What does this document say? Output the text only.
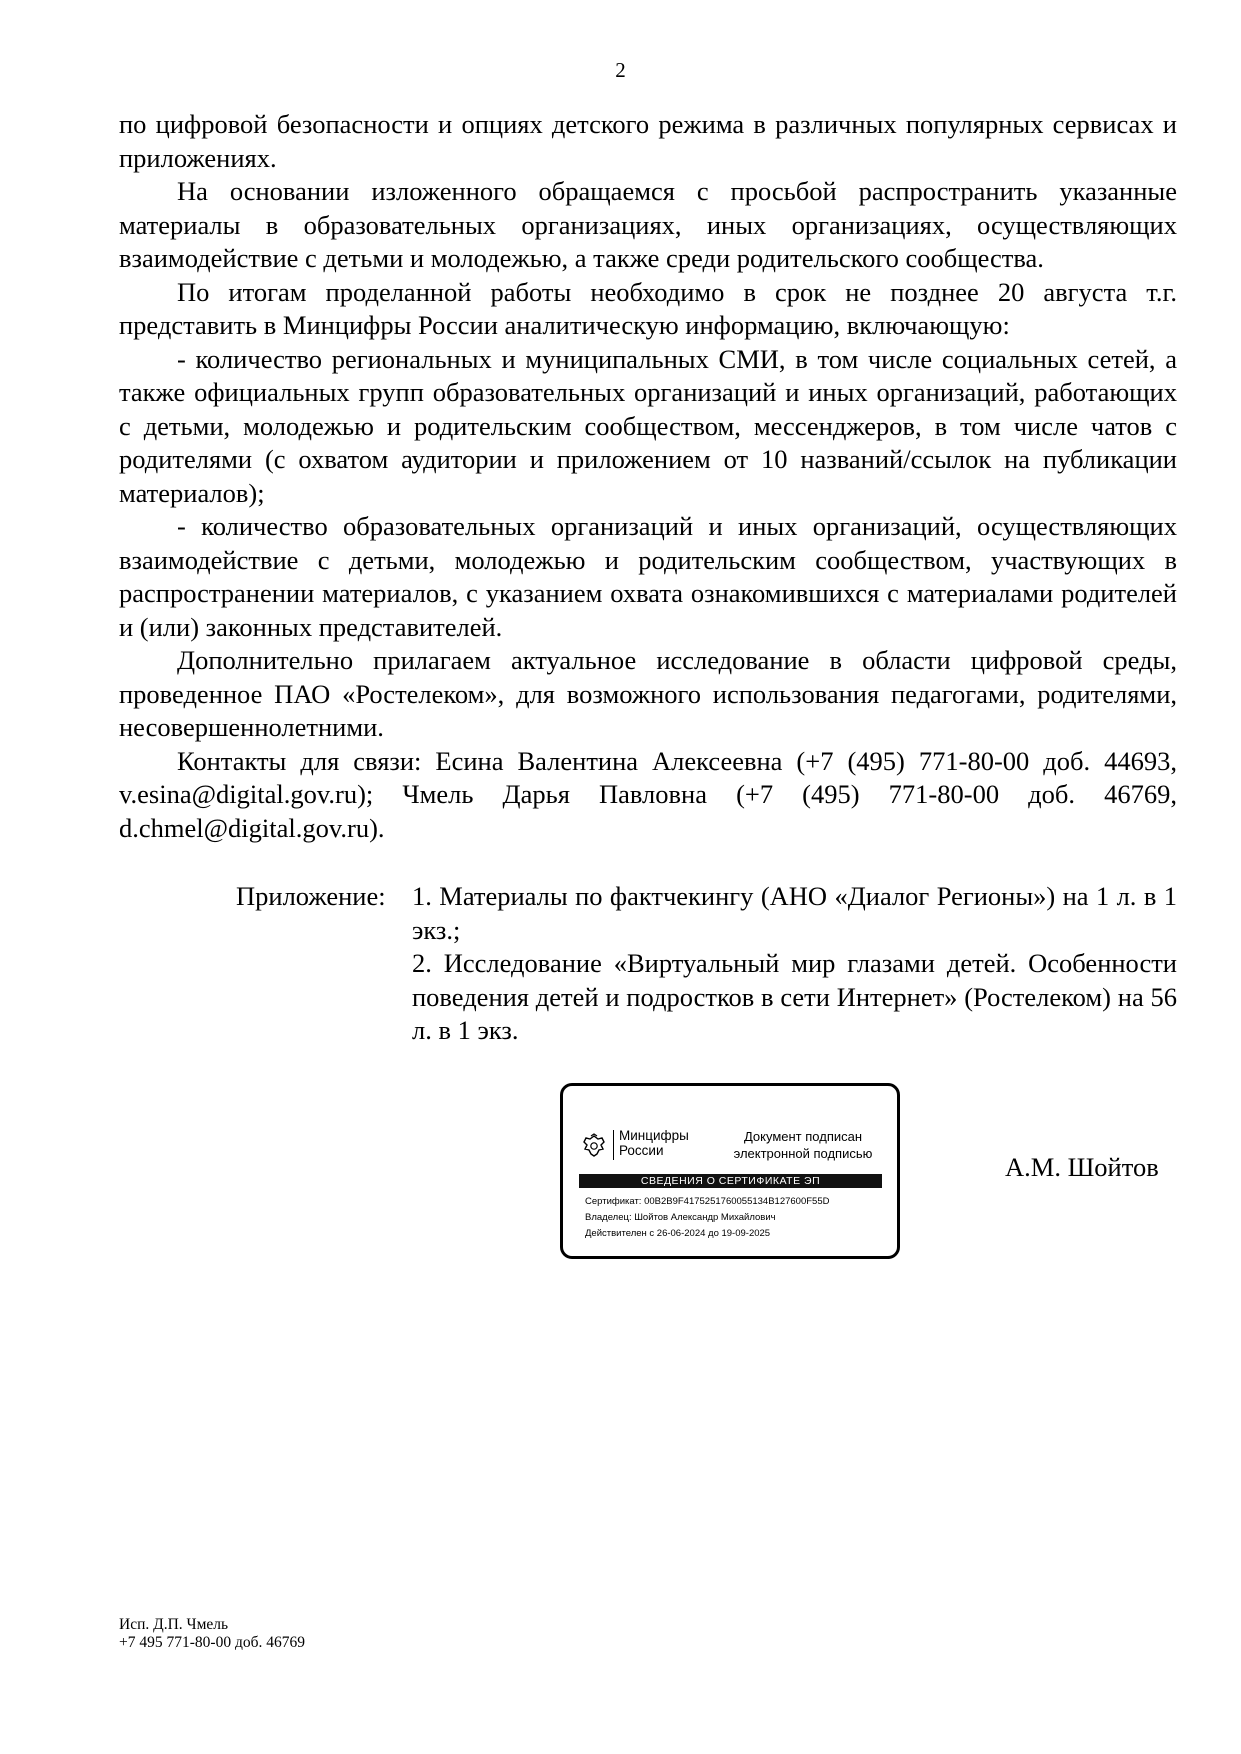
2

по цифровой безопасности и опциях детского режима в различных популярных сервисах и приложениях.

На основании изложенного обращаемся с просьбой распространить указанные материалы в образовательных организациях, иных организациях, осуществляющих взаимодействие с детьми и молодежью, а также среди родительского сообщества.

По итогам проделанной работы необходимо в срок не позднее 20 августа т.г. представить в Минцифры России аналитическую информацию, включающую:

- количество региональных и муниципальных СМИ, в том числе социальных сетей, а также официальных групп образовательных организаций и иных организаций, работающих с детьми, молодежью и родительским сообществом, мессенджеров, в том числе чатов с родителями (с охватом аудитории и приложением от 10 названий/ссылок на публикации материалов);

- количество образовательных организаций и иных организаций, осуществляющих взаимодействие с детьми, молодежью и родительским сообществом, участвующих в распространении материалов, с указанием охвата ознакомившихся с материалами родителей и (или) законных представителей.

Дополнительно прилагаем актуальное исследование в области цифровой среды, проведенное ПАО «Ростелеком», для возможного использования педагогами, родителями, несовершеннолетними.

Контакты для связи: Есина Валентина Алексеевна (+7 (495) 771-80-00 доб. 44693, v.esina@digital.gov.ru); Чмель Дарья Павловна (+7 (495) 771-80-00 доб. 46769, d.chmel@digital.gov.ru).

Приложение: 1. Материалы по фактчекингу (АНО «Диалог Регионы») на 1 л. в 1 экз.;

2. Исследование «Виртуальный мир глазами детей. Особенности поведения детей и подростков в сети Интернет» (Ростелеком) на 56 л. в 1 экз.

Минцифры
России
Документ подписан
электронной подписью
СВЕДЕНИЯ О СЕРТИФИКАТЕ ЭП
Сертификат: 00B2B9F4175251760055134B127600F55D
Владелец: Шойтов Александр Михайлович
Действителен с 26-06-2024 до 19-09-2025
А.М. Шойтов
Исп. Д.П. Чмель
+7 495 771-80-00 доб. 46769
